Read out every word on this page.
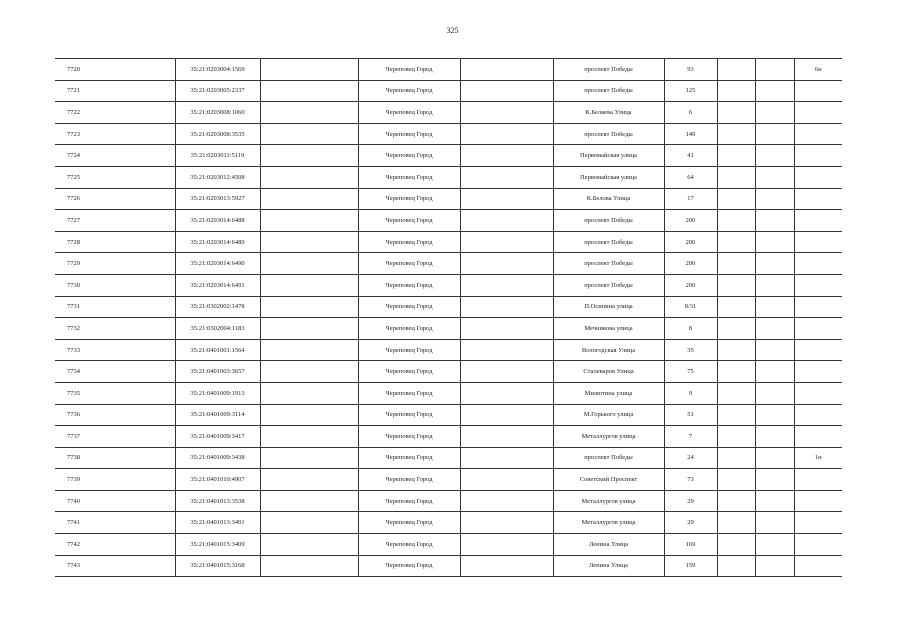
325
7720		35:21:0203004:1569		Череповец Город		проспект Победы	93			6н
7721		35:21:0203005:2337		Череповец Город		проспект Победы	125			
7722		35:21:0203008:1060		Череповец Город		К.Беляева Улица	6			
7723		35:21:0203008:3535		Череповец Город		проспект Победы	149			
7724		35:21:0203011:5119		Череповец Город		Первомайская улица	41			
7725		35:21:0203012:4508		Череповец Город		Первомайская улица	64			
7726		35:21:0203013:5927		Череповец Город		К.Белова Улица	17			
7727		35:21:0203014:6488		Череповец Город		проспект Победы	200			
7728		35:21:0203014:6489		Череповец Город		проспект Победы	200			
7729		35:21:0203014:6490		Череповец Город		проспект Победы	200			
7730		35:21:0203014:6491		Череповец Город		проспект Победы	200			
7731		35:21:0302002:1478		Череповец Город		П.Осипина улица	8/31			
7732		35:21:0302004:1183		Череповец Город		Мечникова улица	8			
7733		35:21:0401001:1564		Череповец Город		Вологодская Улица	35			
7734		35:21:0401003:3657		Череповец Город		Сталеваров Улица	75			
7735		35:21:0401009:1913		Череповец Город		Милютина улица	9			
7736		35:21:0401009:3114		Череповец Город		М.Горького улица	51			
7737		35:21:0401009:3417		Череповец Город		Металлургов улица	7			
7738		35:21:0401009:3438		Череповец Город		проспект Победы	24			1н
7739		35:21:0401010:4907		Череповец Город		Советский Проспект	73			
7740		35:21:0401013:3538		Череповец Город		Металлургов улица	29			
7741		35:21:0401013:3491		Череповец Город		Металлургов улица	29			
7742		35:21:0401015:3409		Череповец Город		Ленина Улица	169			
7743		35:21:0401015:3168		Череповец Город		Ленина Улица	159			
